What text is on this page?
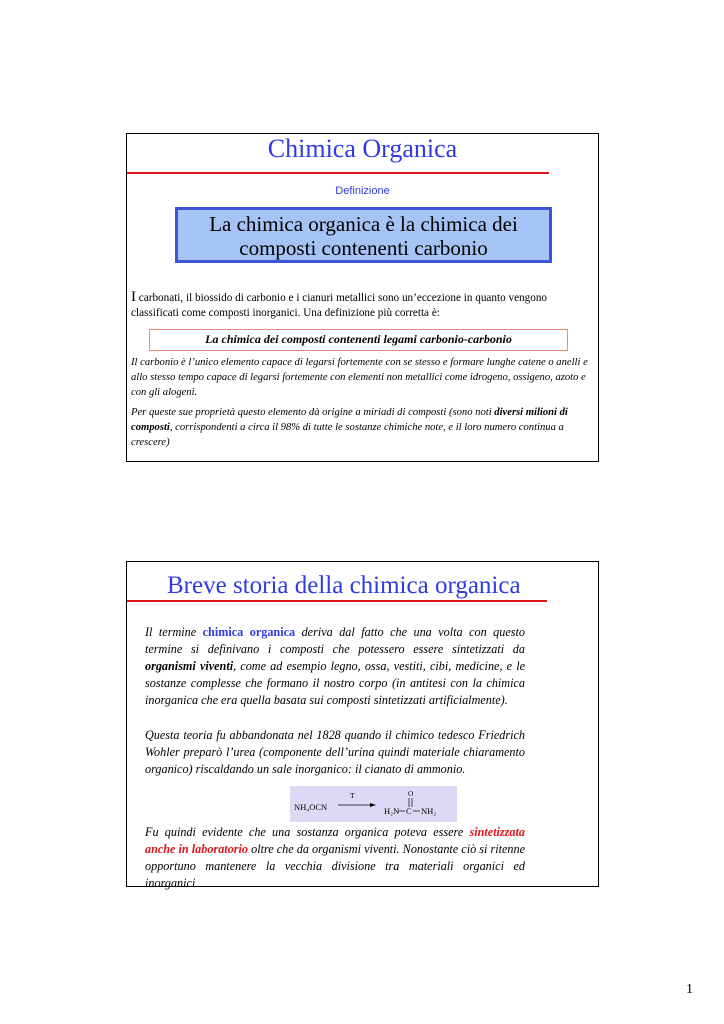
Chimica Organica
Definizione
La chimica organica è la chimica dei composti contenenti carbonio
I carbonati, il biossido di carbonio e i cianuri metallici sono un’eccezione in quanto vengono classificati come composti inorganici. Una definizione più corretta è:
La chimica dei composti contenenti legami carbonio-carbonio
Il carbonio è l’unico elemento capace di legarsi fortemente con se stesso e formare lunghe catene o anelli e allo stesso tempo capace di legarsi fortemente con elementi non metallici come idrogeno, ossigeno, azoto e con gli alogeni.
Per queste sue proprietà questo elemento dà origine a miriadi di composti (sono noti diversi milioni di composti, corrispondenti a circa il 98% di tutte le sostanze chimiche note, e il loro numero continua a crescere)
Breve storia della chimica organica
Il termine chimica organica deriva dal fatto che una volta con questo termine si definivano i composti che potessero essere sintetizzati da organismi viventi, come ad esempio legno, ossa, vestiti, cibi, medicine, e le sostanze complesse che formano il nostro corpo (in antitesi con la chimica inorganica che era quella basata sui composti sintetizzati artificialmente).
Questa teoria fu abbandonata nel 1828 quando il chimico tedesco Friedrich Wohler preparò l’urea (componente dell’urina quindi materiale chiaramento organico) riscaldando un sale inorganico: il cianato di ammonio.
NH₄OCN
T	O
H₂N C NH₂
Fu quindi evidente che una sostanza organica poteva essere sintetizzata anche in laboratorio oltre che da organismi viventi. Nonostante ciò si ritenne opportuno mantenere la vecchia divisione tra materiali organici ed inorganici
1
